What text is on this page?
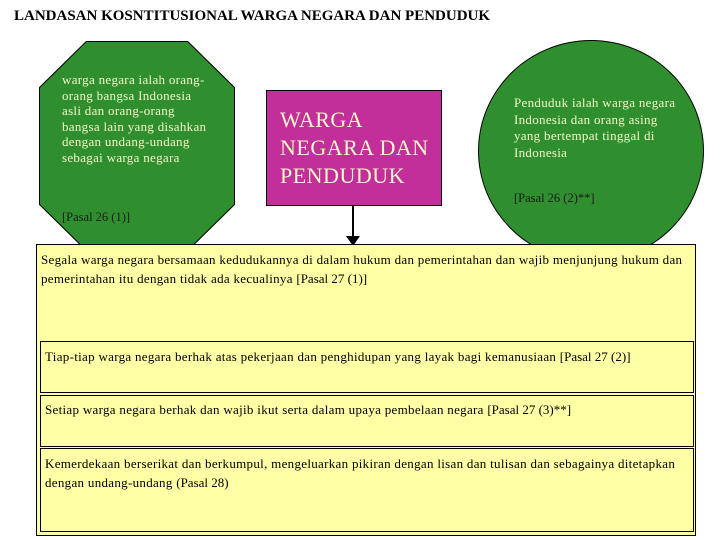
LANDASAN KOSNTITUSIONAL WARGA NEGARA DAN PENDUDUK
warga negara ialah orang-orang bangsa Indonesia asli dan orang-orang bangsa lain yang disahkan dengan undang-undang sebagai warga negara
[Pasal 26 (1)]
WARGA NEGARA DAN PENDUDUK
Penduduk ialah warga negara Indonesia dan orang asing yang bertempat tinggal di Indonesia
[Pasal 26 (2)**]
Segala warga negara bersamaan kedudukannya di dalam hukum dan pemerintahan dan wajib menjunjung hukum dan pemerintahan itu dengan tidak ada kecualinya [Pasal 27 (1)]
Tiap-tiap warga negara berhak atas pekerjaan dan penghidupan yang layak bagi kemanusiaan [Pasal 27 (2)]
Setiap warga negara berhak dan wajib ikut serta dalam upaya pembelaan negara [Pasal 27 (3)**]
Kemerdekaan berserikat dan berkumpul, mengeluarkan pikiran dengan lisan dan tulisan dan sebagainya ditetapkan dengan undang-undang (Pasal 28)
